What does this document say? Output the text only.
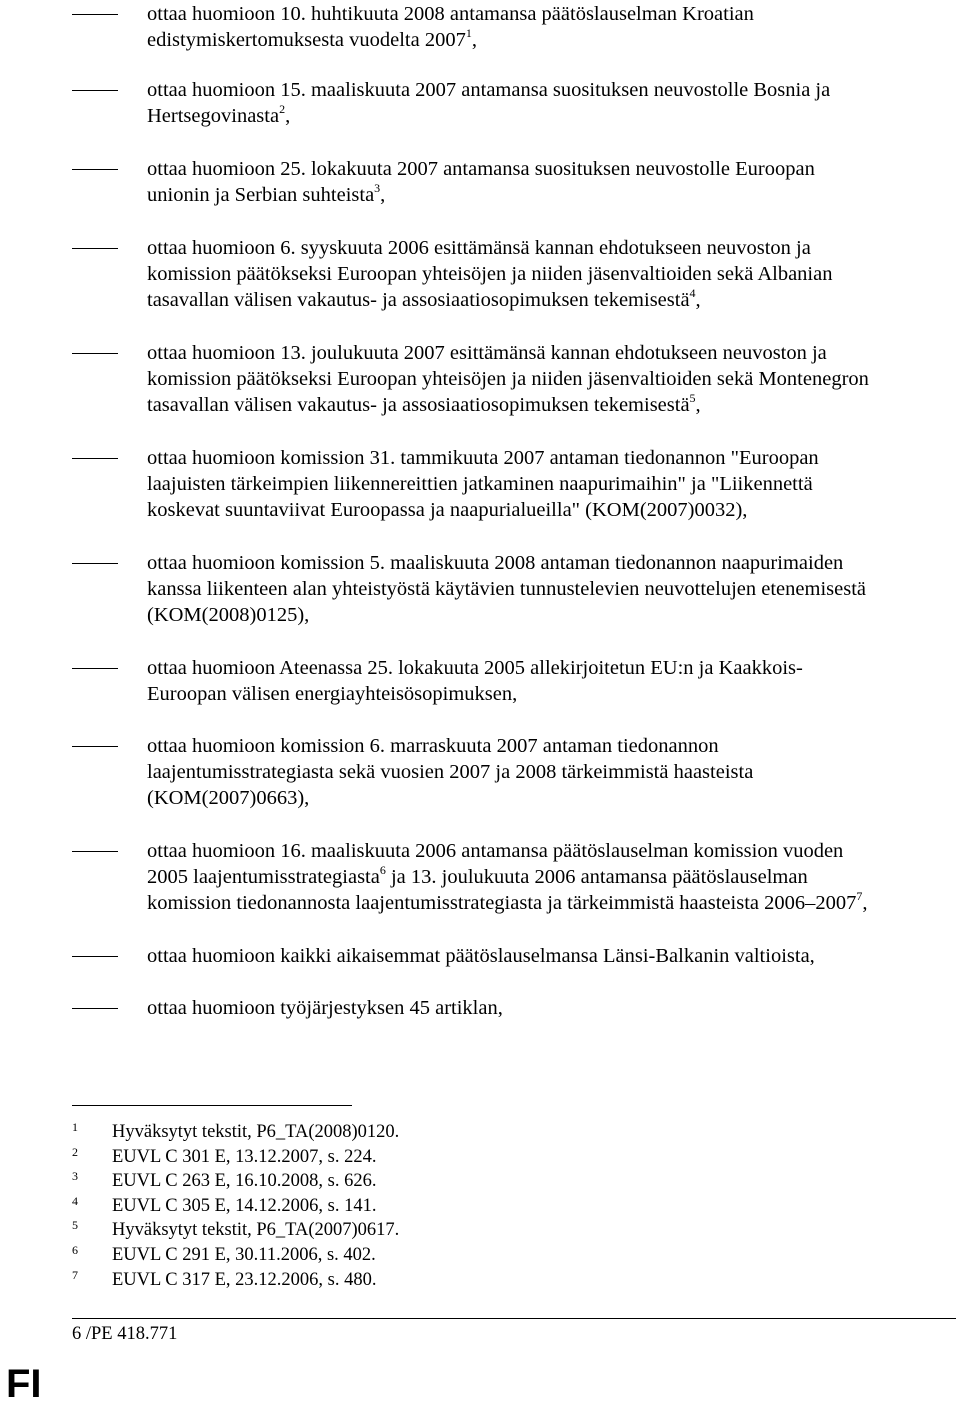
ottaa huomioon 10. huhtikuuta 2008 antamansa päätöslauselman Kroatian
edistymiskertomuksesta vuodelta 2007$^1$,
ottaa huomioon 15. maaliskuuta 2007 antamansa suosituksen neuvostolle Bosnia ja
Hertsegovinasta$^2$,
ottaa huomioon 25. lokakuuta 2007 antamansa suosituksen neuvostolle Euroopan
unionin ja Serbian suhteista$^3$,
ottaa huomioon 6. syyskuuta 2006 esittämänsä kannan ehdotukseen neuvoston ja
komission päätökseksi Euroopan yhteisöjen ja niiden jäsenvaltioiden sekä Albanian
tasavallan välisen vakautus- ja assosiaatiosopimuksen tekemisestä$^4$,
ottaa huomioon 13. joulukuuta 2007 esittämänsä kannan ehdotukseen neuvoston ja
komission päätökseksi Euroopan yhteisöjen ja niiden jäsenvaltioiden sekä Montenegron
tasavallan välisen vakautus- ja assosiaatiosopimuksen tekemisestä$^5$,
ottaa huomioon komission 31. tammikuuta 2007 antaman tiedonannon "Euroopan
laajuisten tärkeimpien liikennereittien jatkaminen naapurimaihin" ja "Liikennettä
koskevat suuntaviivat Euroopassa ja naapurialueilla" (KOM(2007)0032),
ottaa huomioon komission 5. maaliskuuta 2008 antaman tiedonannon naapurimaiden
kanssa liikenteen alan yhteistyöstä käytävien tunnustelevien neuvottelujen etenemisestä
(KOM(2008)0125),
ottaa huomioon Ateenassa 25. lokakuuta 2005 allekirjoitetun EU:n ja Kaakkois-
Euroopan välisen energiayhteisösopimuksen,
ottaa huomioon komission 6. marraskuuta 2007 antaman tiedonannon
laajentumisstrategiasta sekä vuosien 2007 ja 2008 tärkeimmistä haasteista
(KOM(2007)0663),
ottaa huomioon 16. maaliskuuta 2006 antamansa päätöslauselman komission vuoden
2005 laajentumisstrategiasta$^6$ ja 13. joulukuuta 2006 antamansa päätöslauselman
komission tiedonannosta laajentumisstrategiasta ja tärkeimmistä haasteista 2006–2007$^7$,
ottaa huomioon kaikki aikaisemmat päätöslauselmansa Länsi-Balkanin valtioista,
ottaa huomioon työjärjestyksen 45 artiklan,
1 Hyväksytyt tekstit, P6_TA(2008)0120.
2 EUVL C 301 E, 13.12.2007, s. 224.
3 EUVL C 263 E, 16.10.2008, s. 626.
4 EUVL C 305 E, 14.12.2006, s. 141.
5 Hyväksytyt tekstit, P6_TA(2007)0617.
6 EUVL C 291 E, 30.11.2006, s. 402.
7 EUVL C 317 E, 23.12.2006, s. 480.
6 /PE 418.771
FI
